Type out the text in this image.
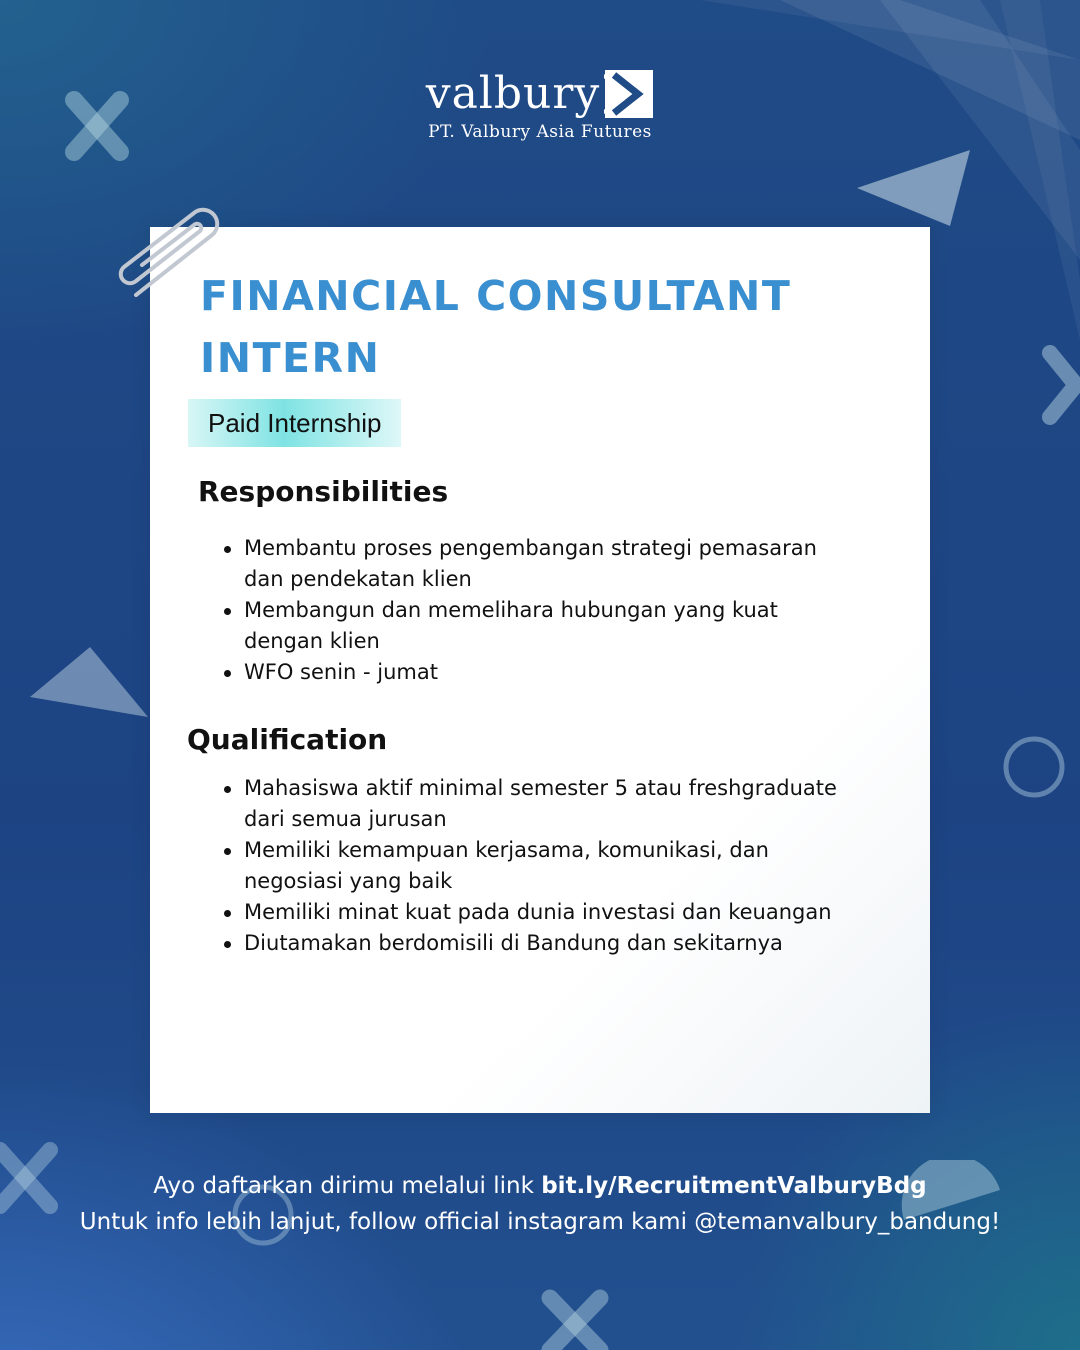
valbury
PT. Valbury Asia Futures
FINANCIAL CONSULTANT
INTERN
Paid Internship
Responsibilities
Membantu proses pengembangan strategi pemasaran dan pendekatan klien
Membangun dan memelihara hubungan yang kuat dengan klien
WFO senin - jumat
Qualification
Mahasiswa aktif minimal semester 5 atau freshgraduate dari semua jurusan
Memiliki kemampuan kerjasama, komunikasi, dan negosiasi yang baik
Memiliki minat kuat pada dunia investasi dan keuangan
Diutamakan berdomisili di Bandung dan sekitarnya
Ayo daftarkan dirimu melalui link bit.ly/RecruitmentValburyBdg
Untuk info lebih lanjut, follow official instagram kami @temanvalbury_bandung!
